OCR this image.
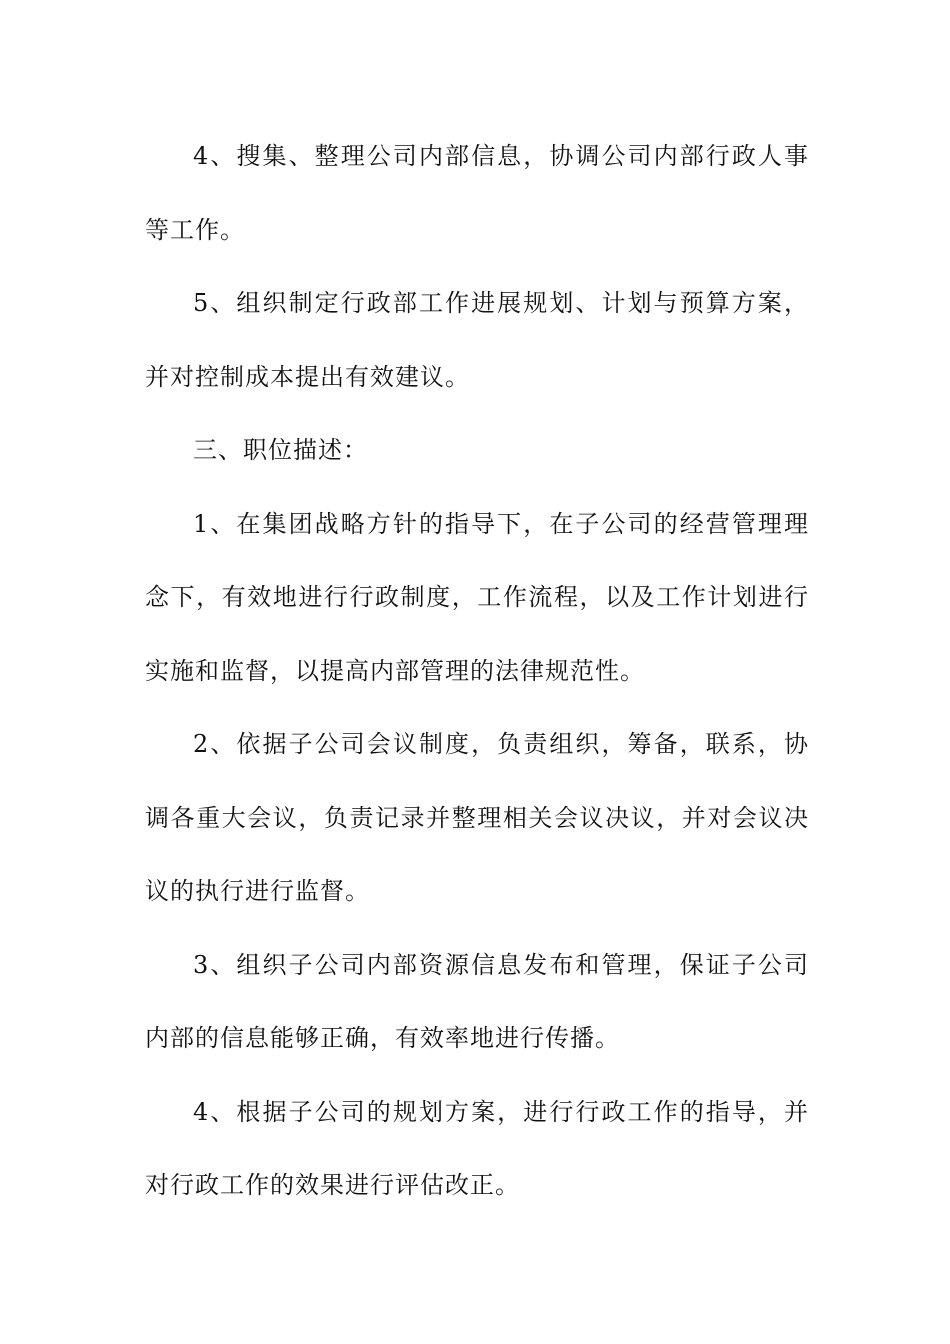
4、搜集、整理公司内部信息，协调公司内部行政人事等工作。

5、组织制定行政部工作进展规划、计划与预算方案，并对控制成本提出有效建议。

三、职位描述：

1、在集团战略方针的指导下，在子公司的经营管理理念下，有效地进行行政制度，工作流程，以及工作计划进行实施和监督，以提高内部管理的法律规范性。

2、依据子公司会议制度，负责组织，筹备，联系，协调各重大会议，负责记录并整理相关会议决议，并对会议决议的执行进行监督。

3、组织子公司内部资源信息发布和管理，保证子公司内部的信息能够正确，有效率地进行传播。

4、根据子公司的规划方案，进行行政工作的指导，并对行政工作的效果进行评估改正。
